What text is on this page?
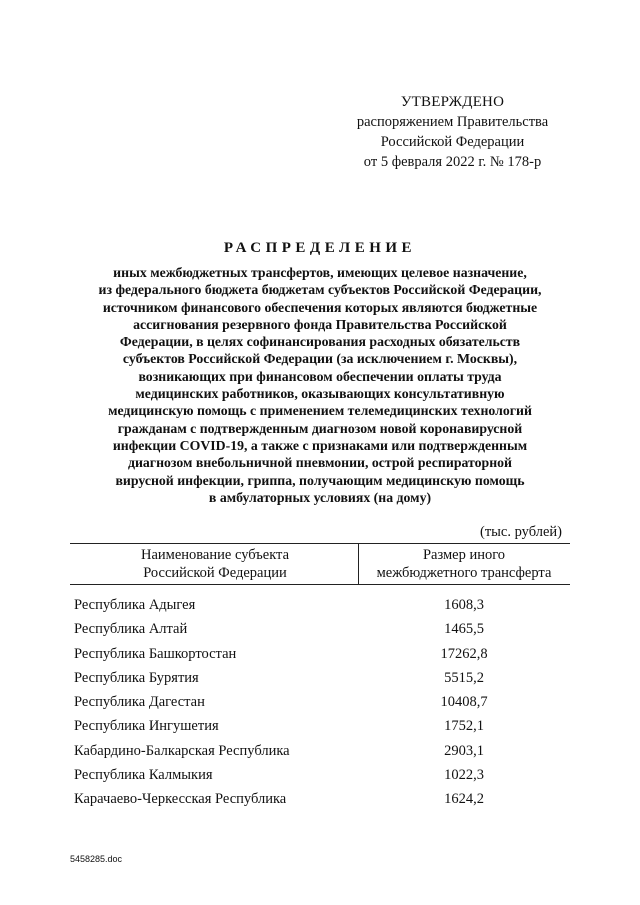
УТВЕРЖДЕНО
распоряжением Правительства
Российской Федерации
от 5 февраля 2022 г. № 178-р
РАСПРЕДЕЛЕНИЕ
иных межбюджетных трансфертов, имеющих целевое назначение,
из федерального бюджета бюджетам субъектов Российской Федерации,
источником финансового обеспечения которых являются бюджетные
ассигнования резервного фонда Правительства Российской
Федерации, в целях софинансирования расходных обязательств
субъектов Российской Федерации (за исключением г. Москвы),
возникающих при финансовом обеспечении оплаты труда
медицинских работников, оказывающих консультативную
медицинскую помощь с применением телемедицинских технологий
гражданам с подтвержденным диагнозом новой коронавирусной
инфекции COVID-19, а также с признаками или подтвержденным
диагнозом внебольничной пневмонии, острой респираторной
вирусной инфекции, гриппа, получающим медицинскую помощь
в амбулаторных условиях (на дому)
(тыс. рублей)
Наименование субъекта
Российской Федерации
Размер иного
межбюджетного трансферта
Республика Адыгея	1608,3
Республика Алтай	1465,5
Республика Башкортостан	17262,8
Республика Бурятия	5515,2
Республика Дагестан	10408,7
Республика Ингушетия	1752,1
Кабардино-Балкарская Республика	2903,1
Республика Калмыкия	1022,3
Карачаево-Черкесская Республика	1624,2
5458285.doc
